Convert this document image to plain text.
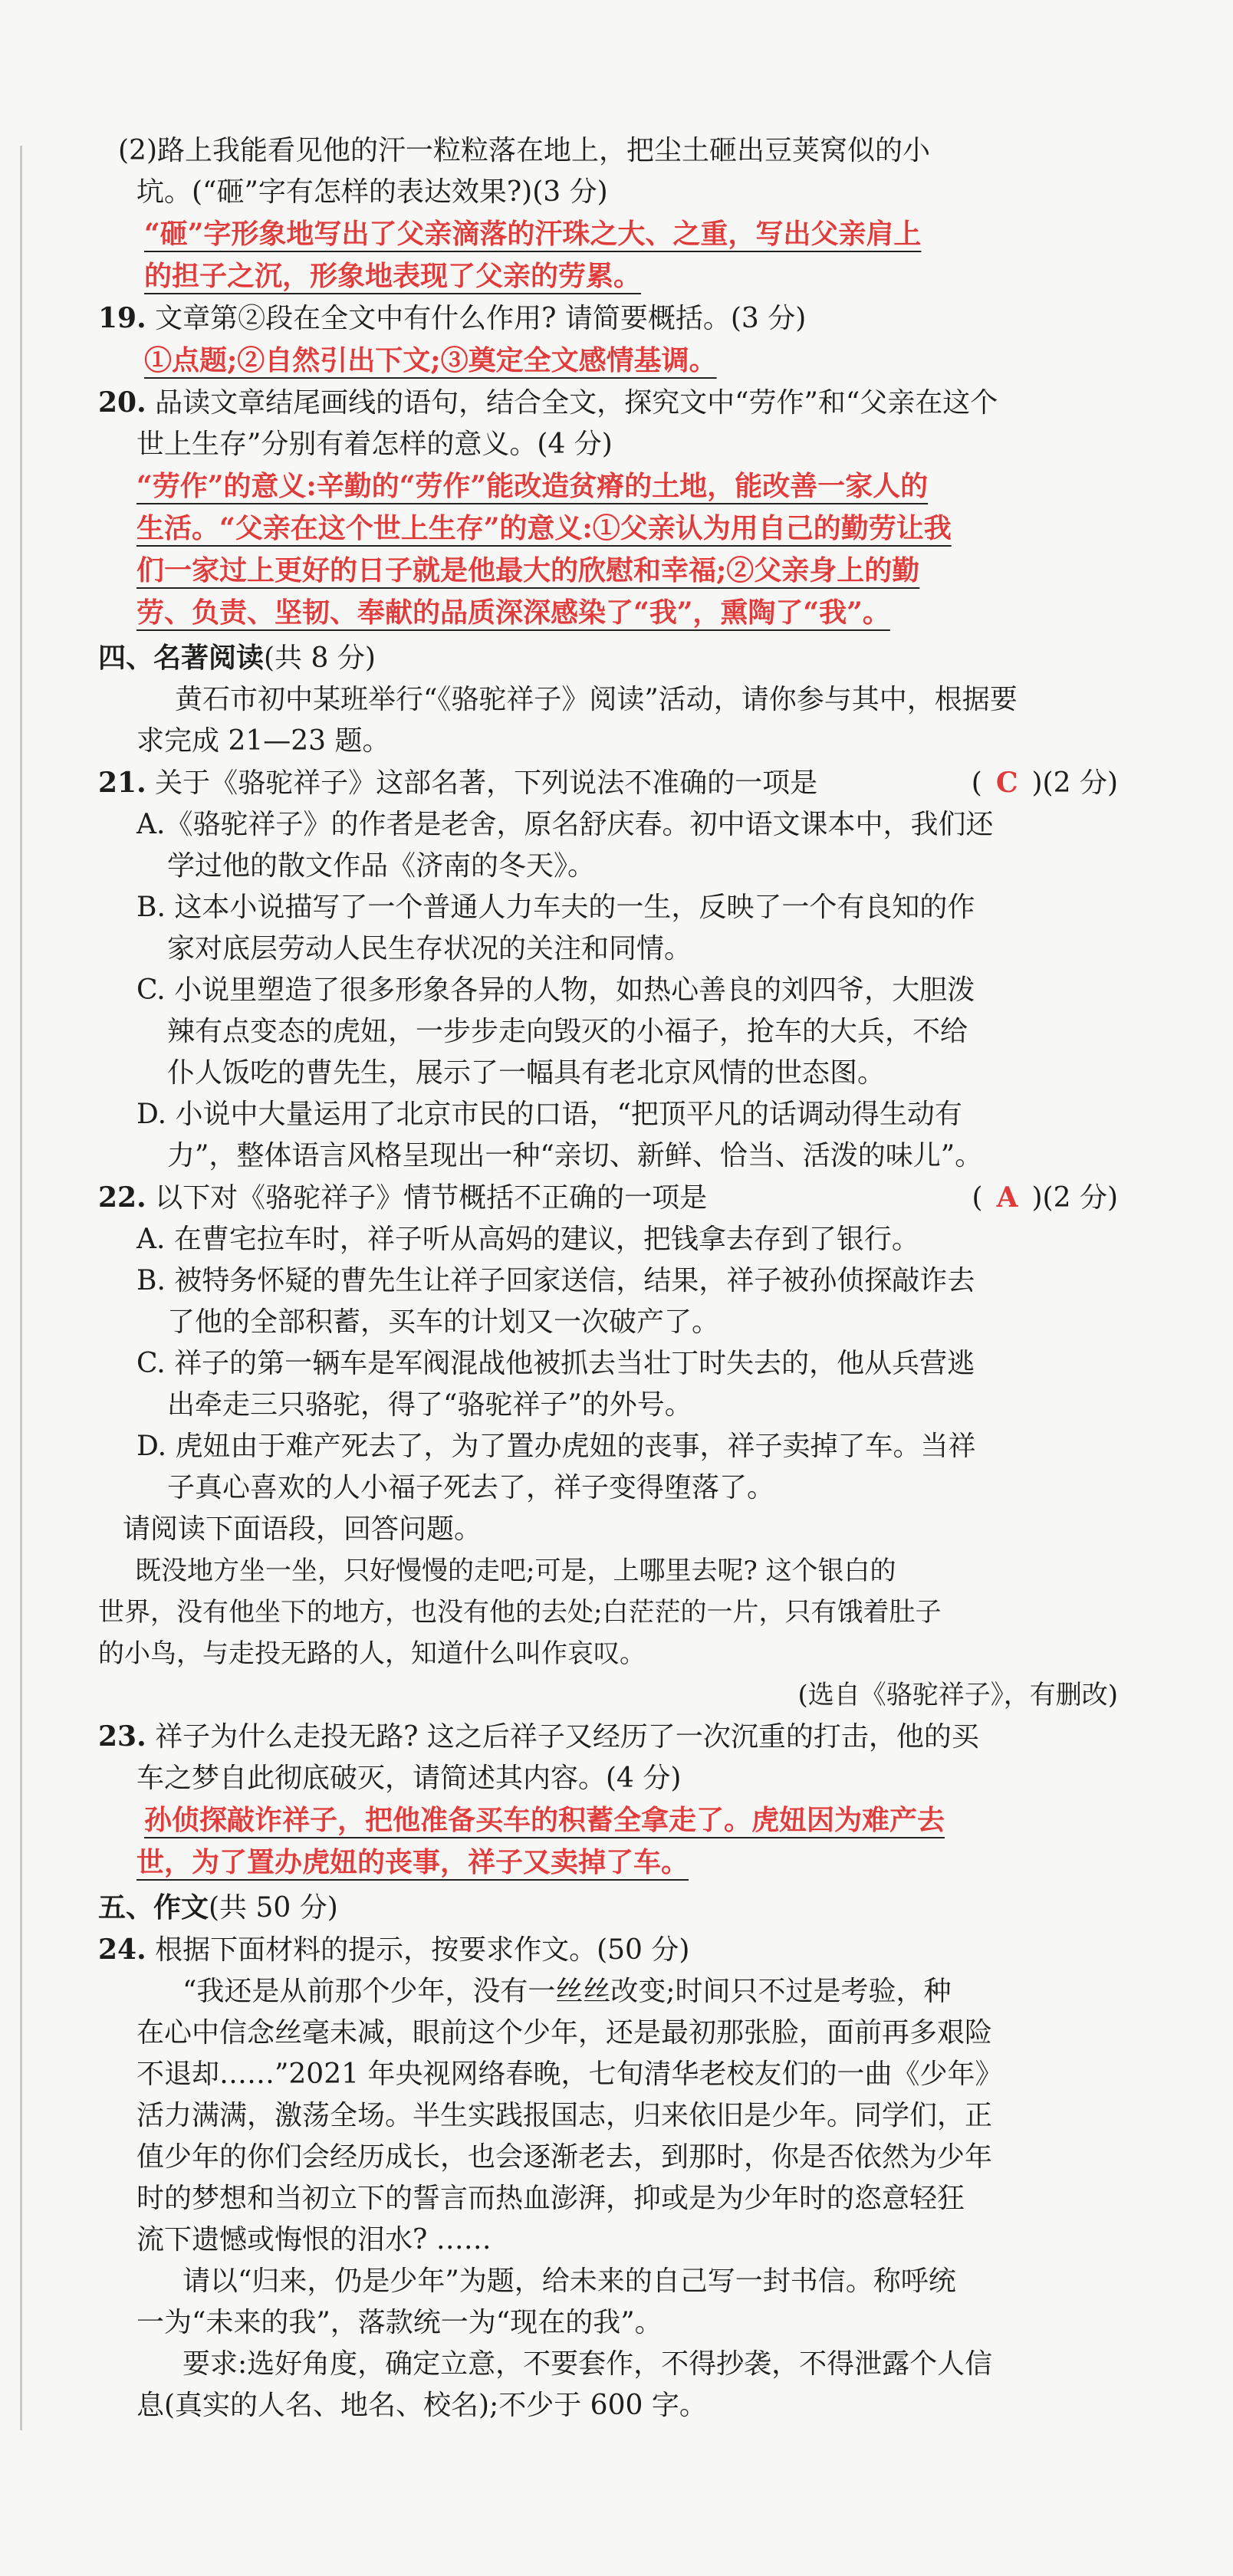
(2)路上我能看见他的汗一粒粒落在地上，把尘土砸出豆荚窝似的小
坑。(“砸”字有怎样的表达效果?)(3 分)
“砸”字形象地写出了父亲滴落的汗珠之大、之重，写出父亲肩上
的担子之沉，形象地表现了父亲的劳累。
19. 文章第②段在全文中有什么作用? 请简要概括。(3 分)
①点题;②自然引出下文;③奠定全文感情基调。
20. 品读文章结尾画线的语句，结合全文，探究文中“劳作”和“父亲在这个
世上生存”分别有着怎样的意义。(4 分)
“劳作”的意义:辛勤的“劳作”能改造贫瘠的土地，能改善一家人的
生活。“父亲在这个世上生存”的意义:①父亲认为用自己的勤劳让我
们一家过上更好的日子就是他最大的欣慰和幸福;②父亲身上的勤
劳、负责、坚韧、奉献的品质深深感染了“我”，熏陶了“我”。
四、名著阅读(共 8 分)
黄石市初中某班举行“《骆驼祥子》阅读”活动，请你参与其中，根据要
求完成 21—23 题。
21. 关于《骆驼祥子》这部名著，下列说法不准确的一项是	( C )(2 分)
A.《骆驼祥子》的作者是老舍，原名舒庆春。初中语文课本中，我们还
学过他的散文作品《济南的冬天》。
B. 这本小说描写了一个普通人力车夫的一生，反映了一个有良知的作
家对底层劳动人民生存状况的关注和同情。
C. 小说里塑造了很多形象各异的人物，如热心善良的刘四爷，大胆泼
辣有点变态的虎妞，一步步走向毁灭的小福子，抢车的大兵，不给
仆人饭吃的曹先生，展示了一幅具有老北京风情的世态图。
D. 小说中大量运用了北京市民的口语，“把顶平凡的话调动得生动有
力”，整体语言风格呈现出一种“亲切、新鲜、恰当、活泼的味儿”。
22. 以下对《骆驼祥子》情节概括不正确的一项是	( A )(2 分)
A. 在曹宅拉车时，祥子听从高妈的建议，把钱拿去存到了银行。
B. 被特务怀疑的曹先生让祥子回家送信，结果，祥子被孙侦探敲诈去
了他的全部积蓄，买车的计划又一次破产了。
C. 祥子的第一辆车是军阀混战他被抓去当壮丁时失去的，他从兵营逃
出牵走三只骆驼，得了“骆驼祥子”的外号。
D. 虎妞由于难产死去了，为了置办虎妞的丧事，祥子卖掉了车。当祥
子真心喜欢的人小福子死去了，祥子变得堕落了。
请阅读下面语段，回答问题。
既没地方坐一坐，只好慢慢的走吧;可是，上哪里去呢? 这个银白的
世界，没有他坐下的地方，也没有他的去处;白茫茫的一片，只有饿着肚子
的小鸟，与走投无路的人，知道什么叫作哀叹。
(选自《骆驼祥子》，有删改)
23. 祥子为什么走投无路? 这之后祥子又经历了一次沉重的打击，他的买
车之梦自此彻底破灭，请简述其内容。(4 分)
孙侦探敲诈祥子，把他准备买车的积蓄全拿走了。虎妞因为难产去
世，为了置办虎妞的丧事，祥子又卖掉了车。
五、作文(共 50 分)
24. 根据下面材料的提示，按要求作文。(50 分)
“我还是从前那个少年，没有一丝丝改变;时间只不过是考验，种
在心中信念丝毫未减，眼前这个少年，还是最初那张脸，面前再多艰险
不退却……”2021 年央视网络春晚，七旬清华老校友们的一曲《少年》
活力满满，激荡全场。半生实践报国志，归来依旧是少年。同学们，正
值少年的你们会经历成长，也会逐渐老去，到那时，你是否依然为少年
时的梦想和当初立下的誓言而热血澎湃，抑或是为少年时的恣意轻狂
流下遗憾或悔恨的泪水? ……
请以“归来，仍是少年”为题，给未来的自己写一封书信。称呼统
一为“未来的我”，落款统一为“现在的我”。
要求:选好角度，确定立意，不要套作，不得抄袭，不得泄露个人信
息(真实的人名、地名、校名);不少于 600 字。
